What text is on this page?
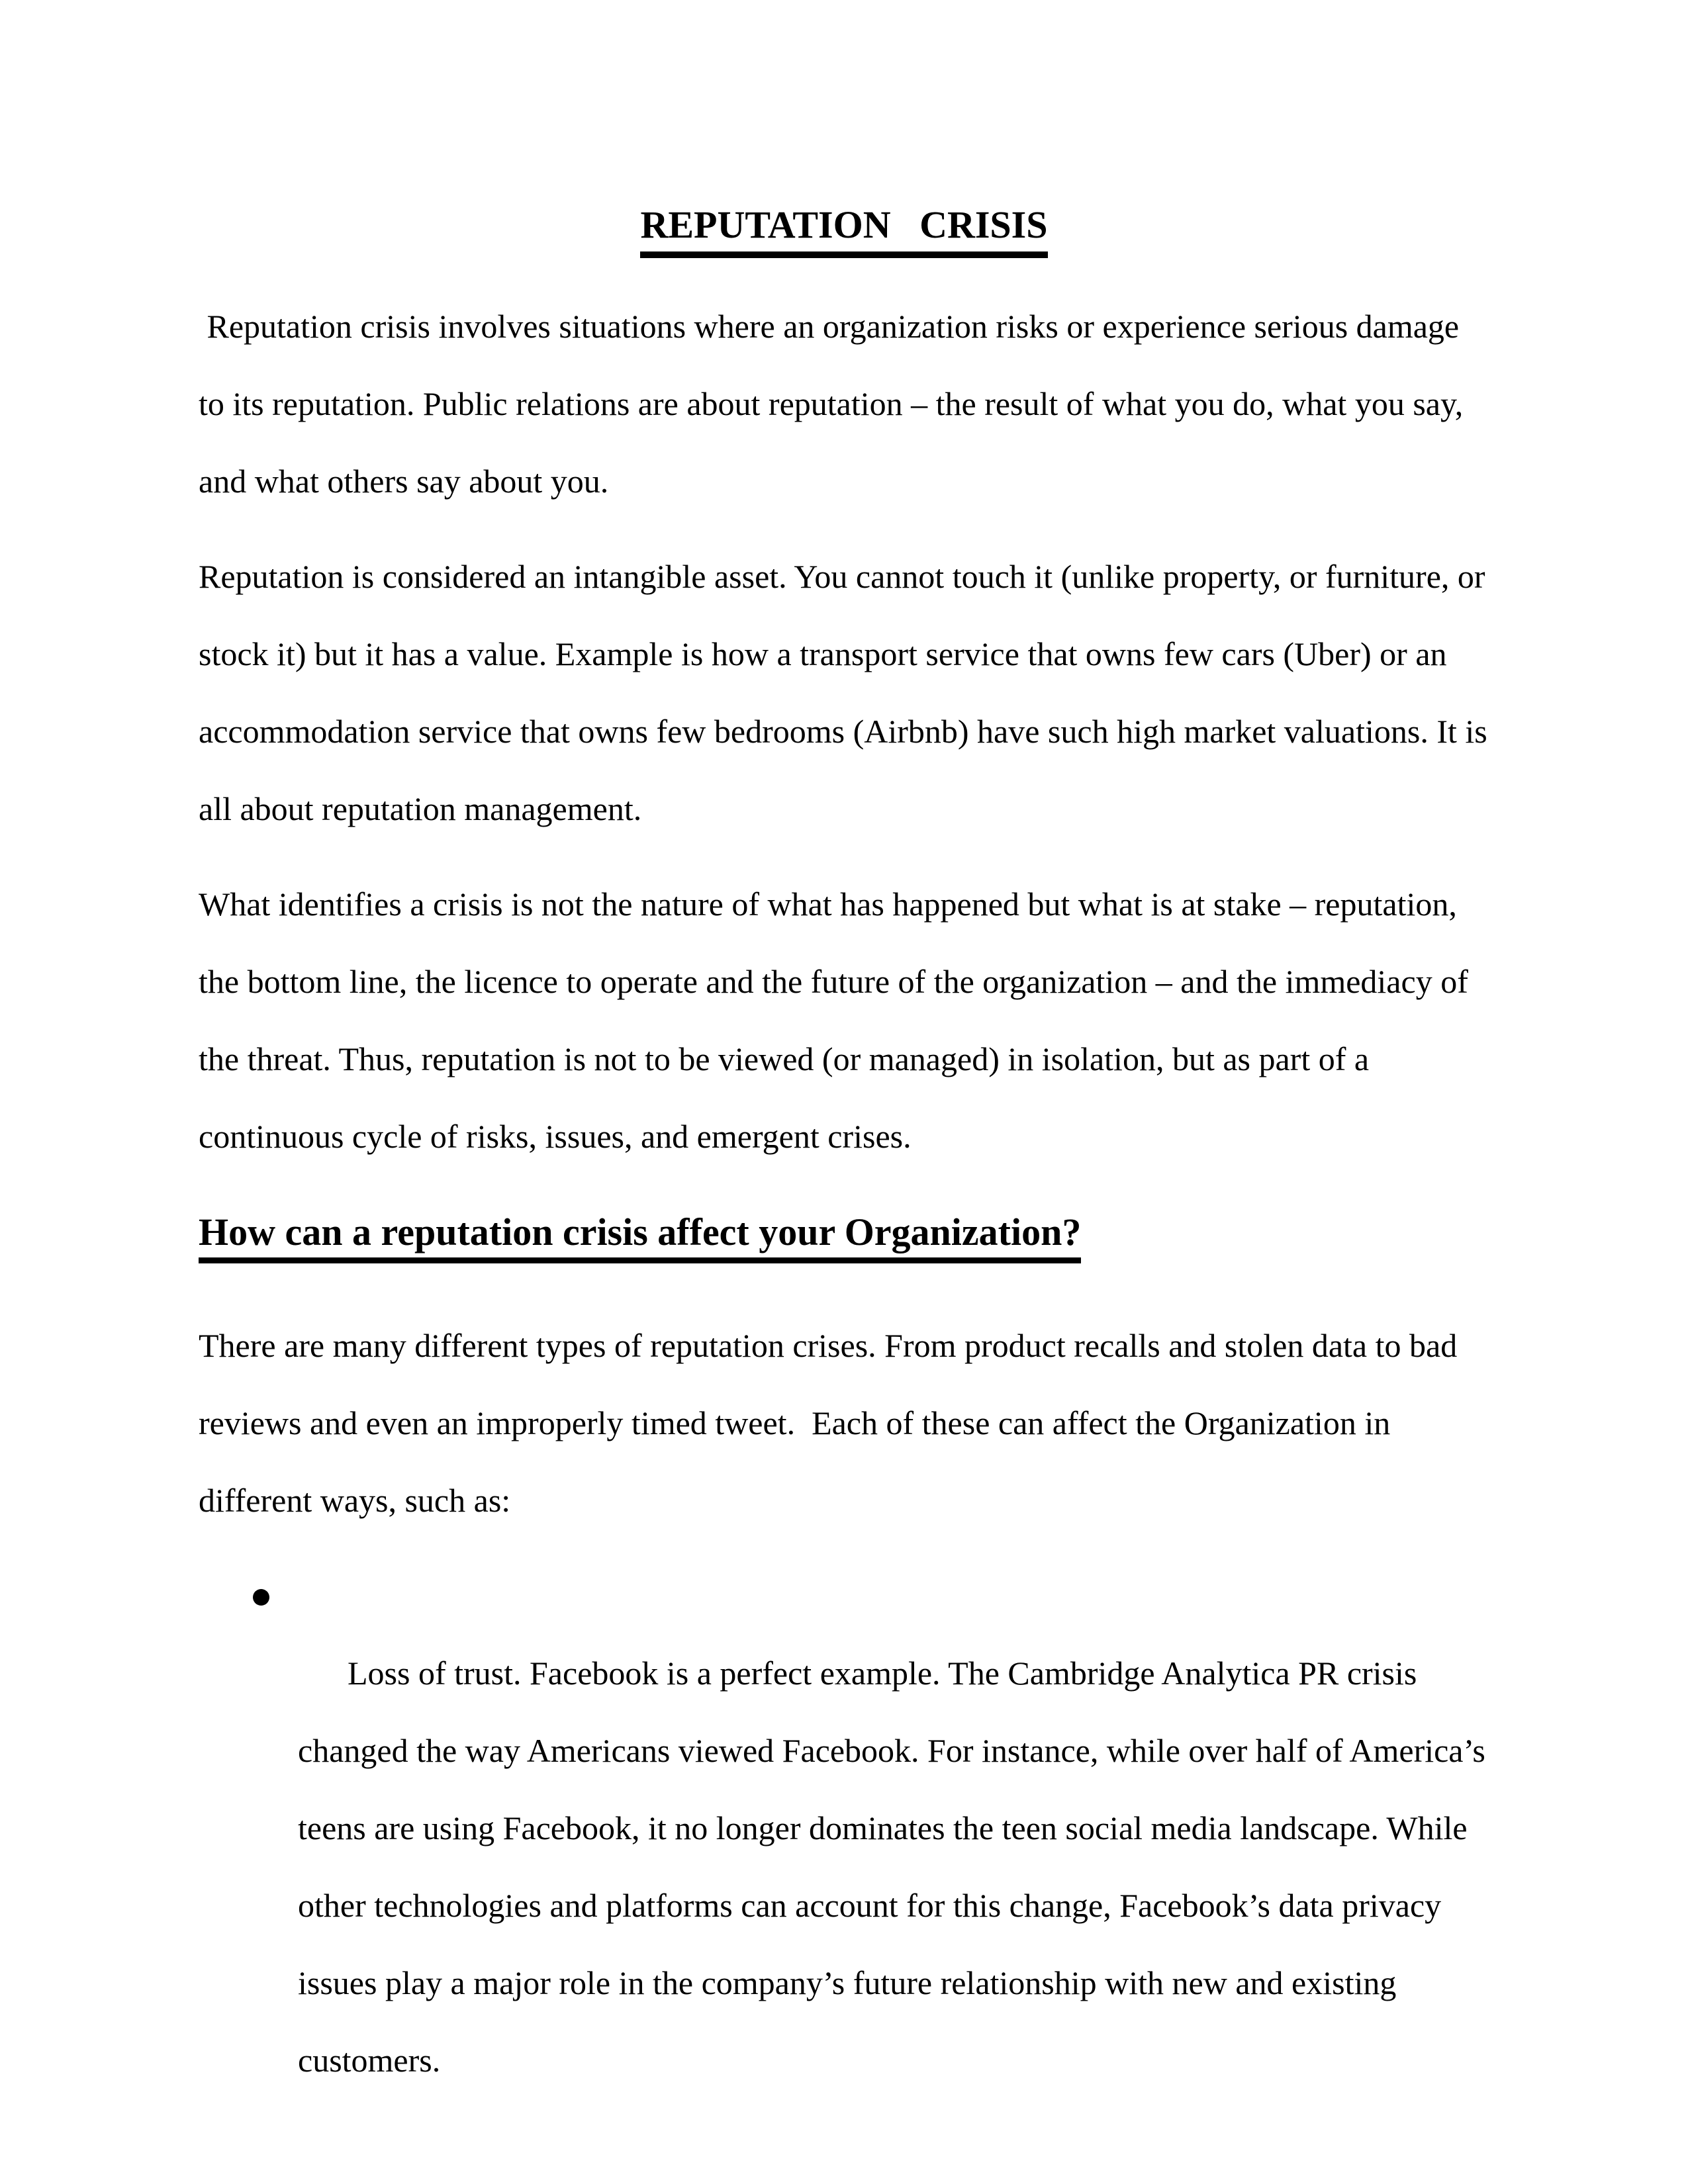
REPUTATION   CRISIS

Reputation crisis involves situations where an organization risks or experience serious damage to its reputation. Public relations are about reputation – the result of what you do, what you say, and what others say about you.

Reputation is considered an intangible asset. You cannot touch it (unlike property, or furniture, or stock it) but it has a value. Example is how a transport service that owns few cars (Uber) or an accommodation service that owns few bedrooms (Airbnb) have such high market valuations. It is all about reputation management.

What identifies a crisis is not the nature of what has happened but what is at stake – reputation, the bottom line, the licence to operate and the future of the organization – and the immediacy of the threat. Thus, reputation is not to be viewed (or managed) in isolation, but as part of a continuous cycle of risks, issues, and emergent crises.

How can a reputation crisis affect your Organization?

There are many different types of reputation crises. From product recalls and stolen data to bad reviews and even an improperly timed tweet.  Each of these can affect the Organization in different ways, such as:

Loss of trust. Facebook is a perfect example. The Cambridge Analytica PR crisis changed the way Americans viewed Facebook. For instance, while over half of America’s teens are using Facebook, it no longer dominates the teen social media landscape. While other technologies and platforms can account for this change, Facebook’s data privacy issues play a major role in the company’s future relationship with new and existing customers.
